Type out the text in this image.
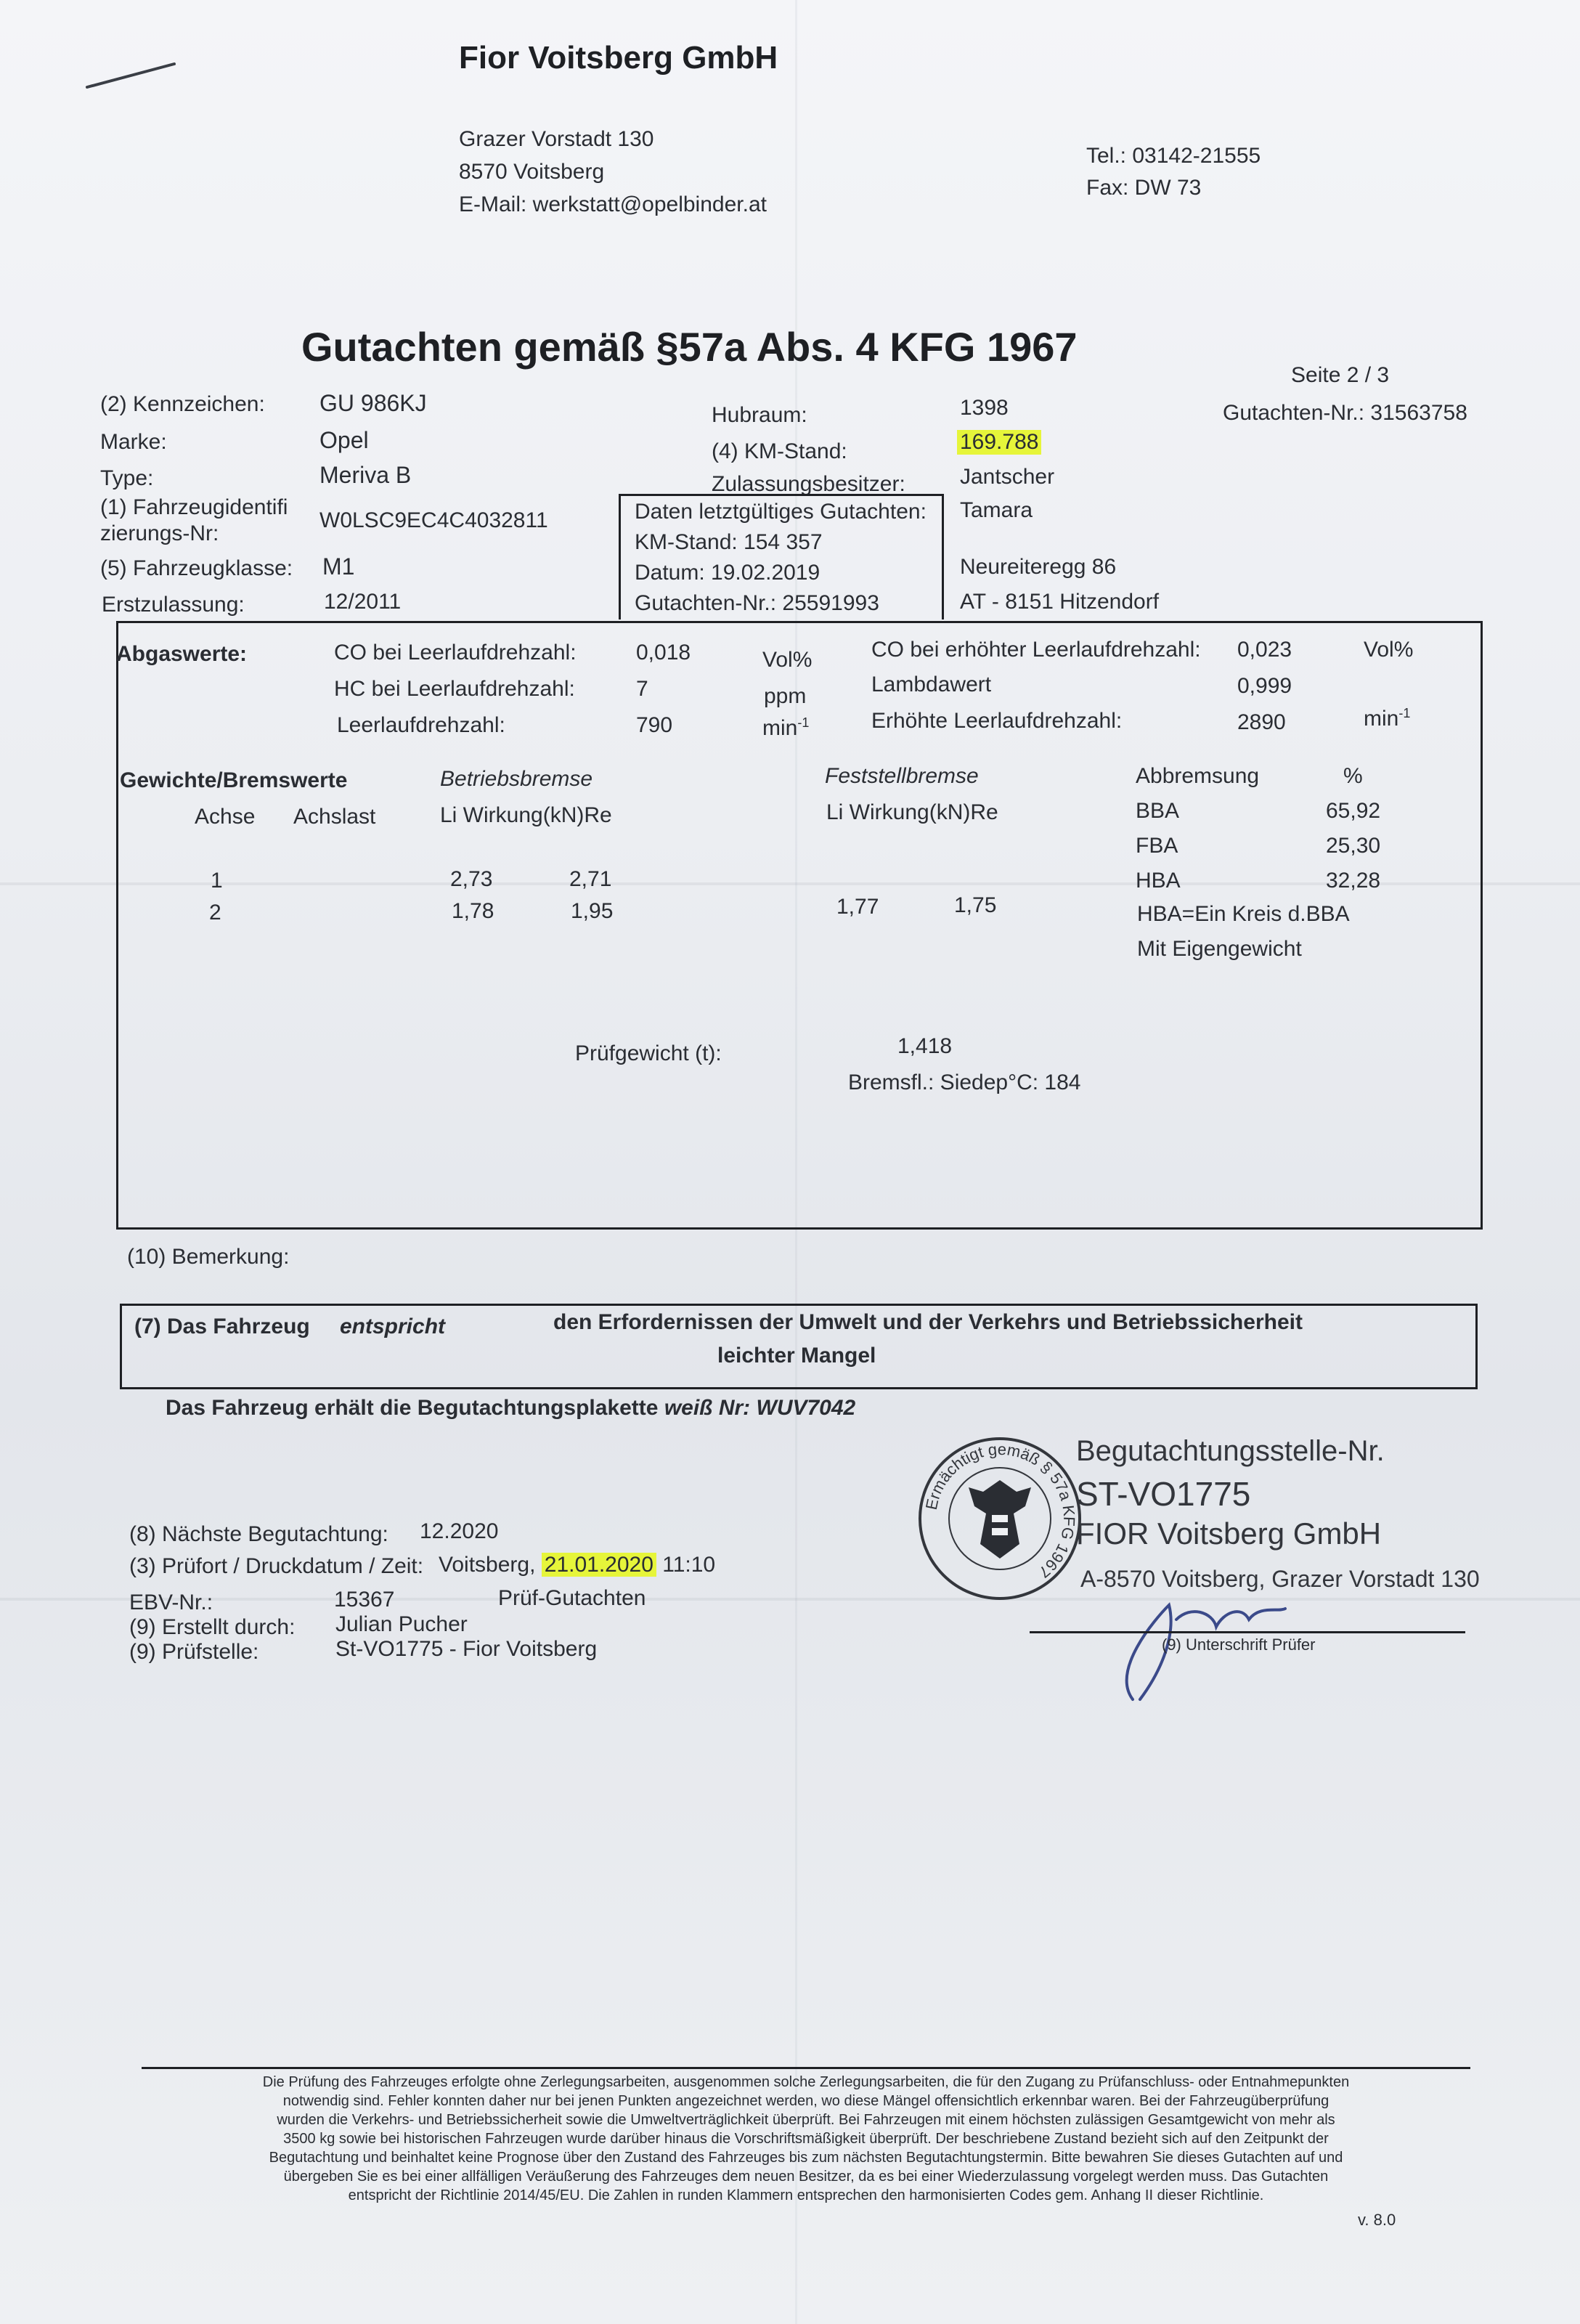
Fior Voitsberg GmbH
Grazer Vorstadt 130
8570 Voitsberg
E-Mail: werkstatt@opelbinder.at
Tel.: 03142-21555
Fax: DW 73
Gutachten gemäß §57a Abs. 4 KFG 1967
Seite 2 / 3
Gutachten-Nr.: 31563758
(2) Kennzeichen: GU 986KJ
Marke:	Opel
Type:	Meriva B
(1) Fahrzeugidentifi
zierungs-Nr:
W0LSC9EC4C4032811
(5) Fahrzeugklasse: M1
Erstzulassung:	12/2011
Hubraum:	1398
(4) KM-Stand:	169.788
Zulassungsbesitzer:	Jantscher
Tamara
Neureiteregg 86
AT - 8151 Hitzendorf
Daten letztgültiges Gutachten:
KM-Stand: 154 357
Datum: 19.02.2019
Gutachten-Nr.: 25591993
Abgaswerte:	CO bei Leerlaufdrehzahl:	0,018	Vol%
HC bei Leerlaufdrehzahl:	7	ppm
Leerlaufdrehzahl:	790	$\min^{-1}$
CO bei erhöhter Leerlaufdrehzahl: 0,023	Vol%
Lambdawert	0,999
Erhöhte Leerlaufdrehzahl:	2890	$\min^{-1}$
Gewichte/Bremswerte
Achse Achslast
Betriebsbremse
Li Wirkung(kN)Re
Feststellbremse
Li Wirkung(kN)Re
Abbremsung	%
1	2,73	2,71
2	1,78	1,95	1,77	1,75
BBA	65,92
FBA	25,30
HBA	32,28
HBA=Ein Kreis d.BBA
Mit Eigengewicht
Prüfgewicht (t):	1,418
Bremsfl.: Siedep°C: 184
(10) Bemerkung:
(7) Das Fahrzeug entspricht	den Erfordernissen der Umwelt und der Verkehrs und Betriebssicherheit
leichter Mangel
Das Fahrzeug erhält die Begutachtungsplakette weiß Nr: WUV7042
(8) Nächste Begutachtung: 12.2020
(3) Prüfort / Druckdatum / Zeit: Voitsberg, 21.01.2020 11:10
EBV-Nr.:	15367	Prüf-Gutachten
(9) Erstellt durch: Julian Pucher
(9) Prüfstelle:	St-VO1775 - Fior Voitsberg
Ermächtigt gemäß § 57a KFG 1967
Begutachtungsstelle-Nr.
ST-VO1775
FIOR Voitsberg GmbH
A-8570 Voitsberg, Grazer Vorstadt 130
(9) Unterschrift Prüfer
Die Prüfung des Fahrzeuges erfolgte ohne Zerlegungsarbeiten, ausgenommen solche Zerlegungsarbeiten, die für den Zugang zu Prüfanschluss- oder Entnahmepunkten
notwendig sind. Fehler konnten daher nur bei jenen Punkten angezeichnet werden, wo diese Mängel offensichtlich erkennbar waren. Bei der Fahrzeugüberprüfung
wurden die Verkehrs- und Betriebssicherheit sowie die Umweltverträglichkeit überprüft. Bei Fahrzeugen mit einem höchsten zulässigen Gesamtgewicht von mehr als
3500 kg sowie bei historischen Fahrzeugen wurde darüber hinaus die Vorschriftsmäßigkeit überprüft. Der beschriebene Zustand bezieht sich auf den Zeitpunkt der
Begutachtung und beinhaltet keine Prognose über den Zustand des Fahrzeuges bis zum nächsten Begutachtungstermin. Bitte bewahren Sie dieses Gutachten auf und
übergeben Sie es bei einer allfälligen Veräußerung des Fahrzeuges dem neuen Besitzer, da es bei einer Wiederzulassung vorgelegt werden muss. Das Gutachten
entspricht der Richtlinie 2014/45/EU. Die Zahlen in runden Klammern entsprechen den harmonisierten Codes gem. Anhang II dieser Richtlinie.
v. 8.0
